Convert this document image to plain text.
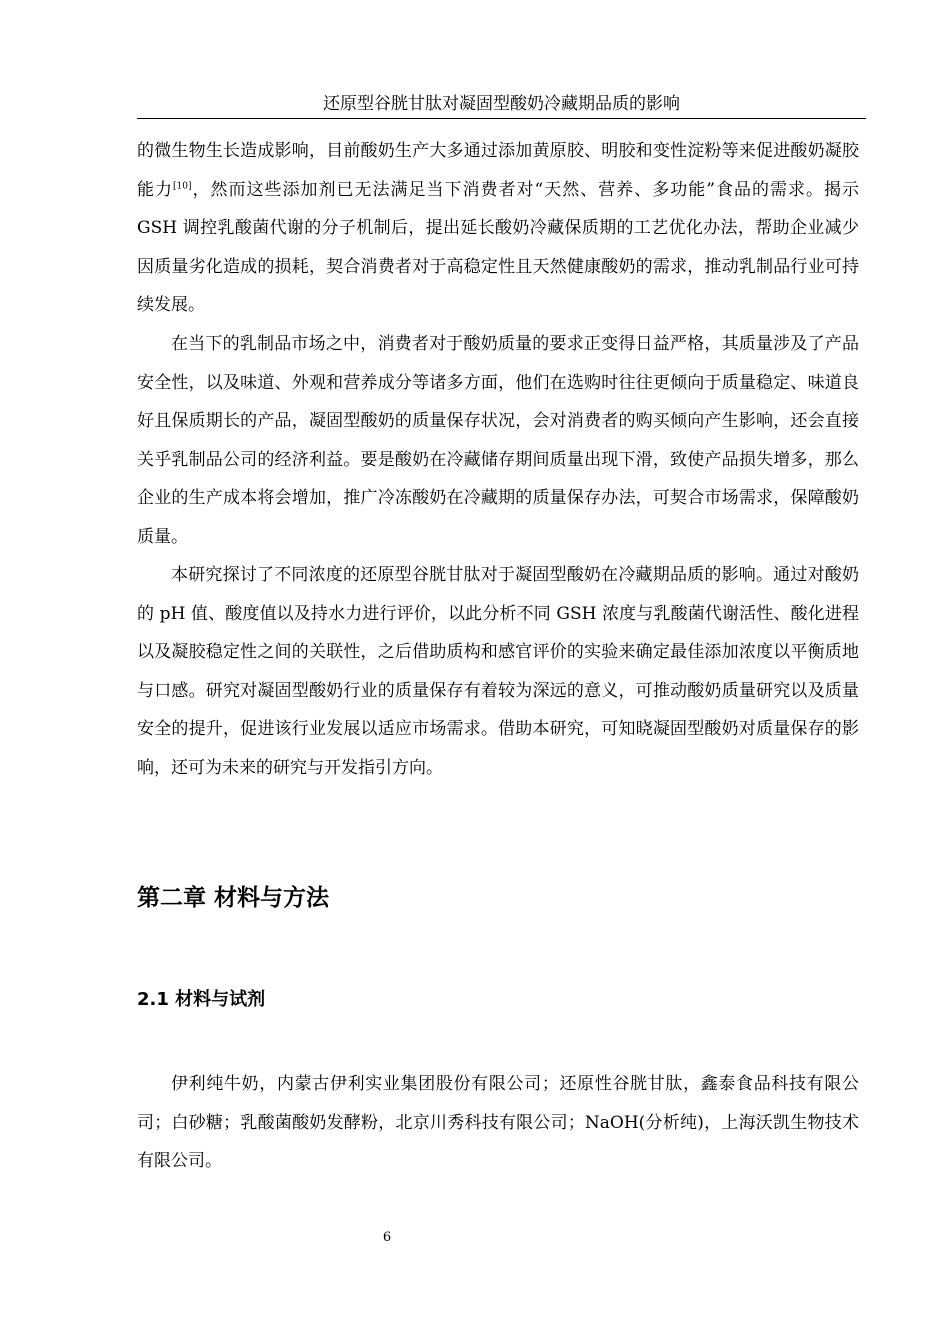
还原型谷胱甘肽对凝固型酸奶冷藏期品质的影响

的微生物生长造成影响，目前酸奶生产大多通过添加黄原胶、明胶和变性淀粉等来促进酸奶凝胶能力[10]，然而这些添加剂已无法满足当下消费者对“天然、营养、多功能”食品的需求。揭示 GSH 调控乳酸菌代谢的分子机制后，提出延长酸奶冷藏保质期的工艺优化办法，帮助企业减少因质量劣化造成的损耗，契合消费者对于高稳定性且天然健康酸奶的需求，推动乳制品行业可持续发展。

在当下的乳制品市场之中，消费者对于酸奶质量的要求正变得日益严格，其质量涉及了产品安全性，以及味道、外观和营养成分等诸多方面，他们在选购时往往更倾向于质量稳定、味道良好且保质期长的产品，凝固型酸奶的质量保存状况，会对消费者的购买倾向产生影响，还会直接关乎乳制品公司的经济利益。要是酸奶在冷藏储存期间质量出现下滑，致使产品损失增多，那么企业的生产成本将会增加，推广冷冻酸奶在冷藏期的质量保存办法，可契合市场需求，保障酸奶质量。

本研究探讨了不同浓度的还原型谷胱甘肽对于凝固型酸奶在冷藏期品质的影响。通过对酸奶的 pH 值、酸度值以及持水力进行评价，以此分析不同 GSH 浓度与乳酸菌代谢活性、酸化进程以及凝胶稳定性之间的关联性，之后借助质构和感官评价的实验来确定最佳添加浓度以平衡质地与口感。研究对凝固型酸奶行业的质量保存有着较为深远的意义，可推动酸奶质量研究以及质量安全的提升，促进该行业发展以适应市场需求。借助本研究，可知晓凝固型酸奶对质量保存的影响，还可为未来的研究与开发指引方向。

第二章 材料与方法
2.1 材料与试剂

伊利纯牛奶，内蒙古伊利实业集团股份有限公司；还原性谷胱甘肽，鑫泰食品科技有限公司；白砂糖；乳酸菌酸奶发酵粉，北京川秀科技有限公司；NaOH(分析纯)，上海沃凯生物技术有限公司。

6
